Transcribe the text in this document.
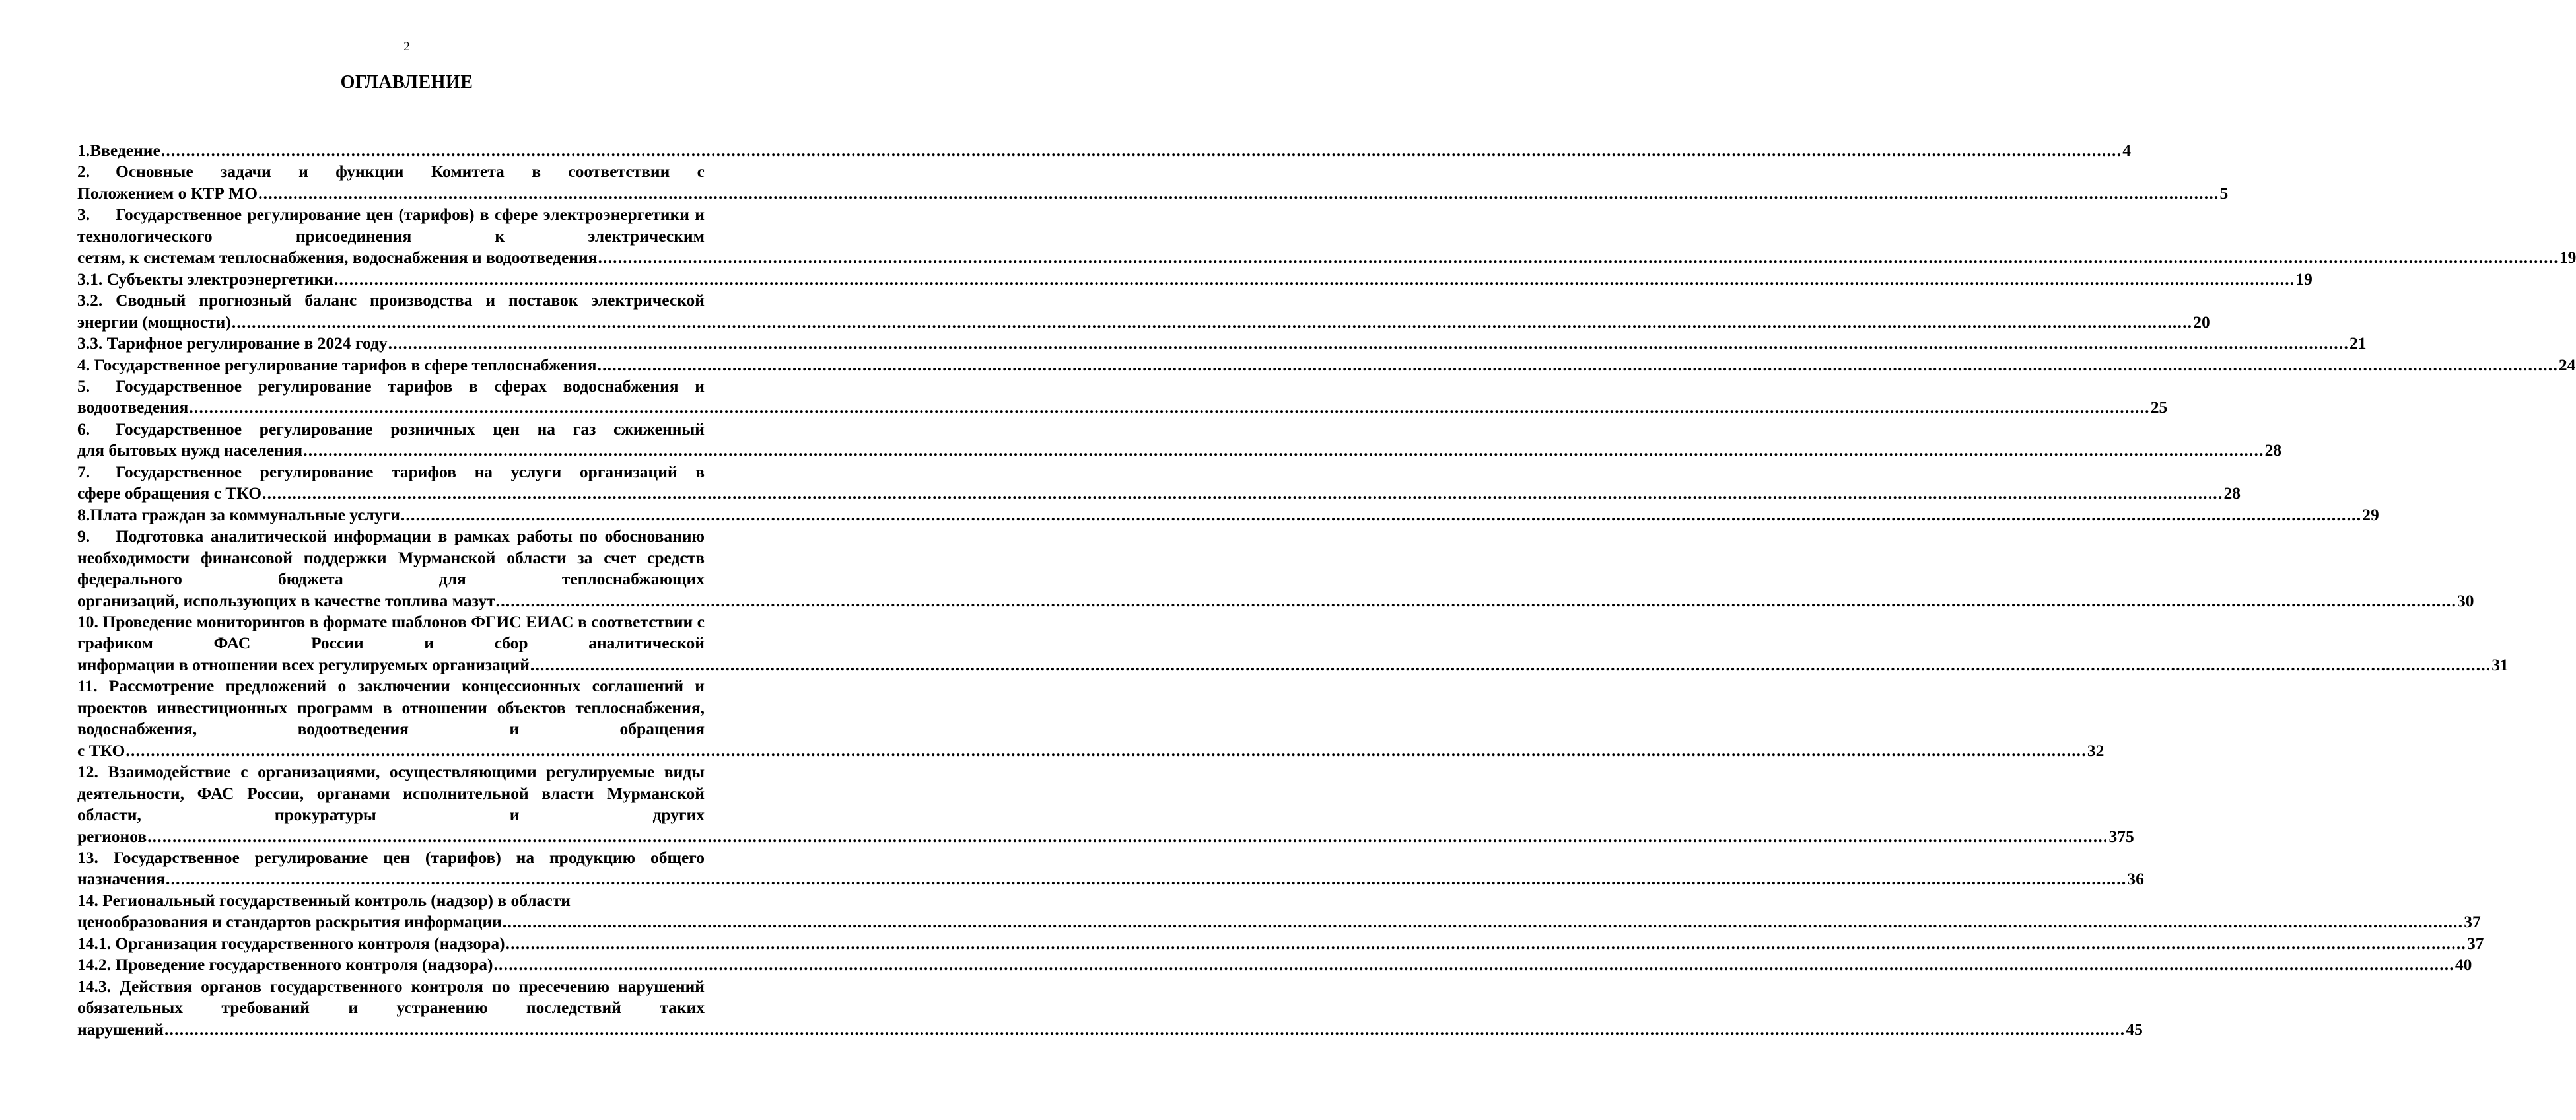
2
ОГЛАВЛЕНИЕ
1. Введение .....	4
2. Основные задачи и функции Комитета в соответствии с
Положением о КТР МО .....	5
3. Государственное регулирование цен (тарифов) в сфере электроэнергетики и технологического присоединения к электрическим
сетям, к системам теплоснабжения, водоснабжения и водоотведения .....	19
3.1. Субъекты электроэнергетики .....	19
3.2. Сводный прогнозный баланс производства и поставок электрической
энергии (мощности) .....	20
3.3. Тарифное регулирование в 2024 году .....	21
4. Государственное регулирование тарифов в сфере теплоснабжения .....	24
5. Государственное регулирование тарифов в сферах водоснабжения и
водоотведения .....	25
6. Государственное регулирование розничных цен на газ сжиженный
для бытовых нужд населения .....	28
7. Государственное регулирование тарифов на услуги организаций в
сфере обращения с ТКО .....	28
8. Плата граждан за коммунальные услуги .....	29
9. Подготовка аналитической информации в рамках работы по обоснованию необходимости финансовой поддержки Мурманской области за счет средств федерального бюджета для теплоснабжающих
организаций, использующих в качестве топлива мазут .....	30
10. Проведение мониторингов в формате шаблонов ФГИС ЕИАС в соответствии с графиком ФАС России и сбор аналитической
информации в отношении всех регулируемых организаций .....	31
11. Рассмотрение предложений о заключении концессионных соглашений и проектов инвестиционных программ в отношении объектов теплоснабжения, водоснабжения, водоотведения и обращения
с ТКО .....	32
12. Взаимодействие с организациями, осуществляющими регулируемые виды деятельности, ФАС России, органами исполнительной власти Мурманской области, прокуратуры и других
регионов .....	375
13. Государственное регулирование цен (тарифов) на продукцию общего
назначения .....	36
14. Региональный государственный контроль (надзор) в области
ценообразования и стандартов раскрытия информации .....	37
14.1. Организация государственного контроля (надзора) .....	37
14.2. Проведение государственного контроля (надзора) .....	40
14.3. Действия органов государственного контроля по пресечению нарушений обязательных требований и устранению последствий таких
нарушений .....	45
